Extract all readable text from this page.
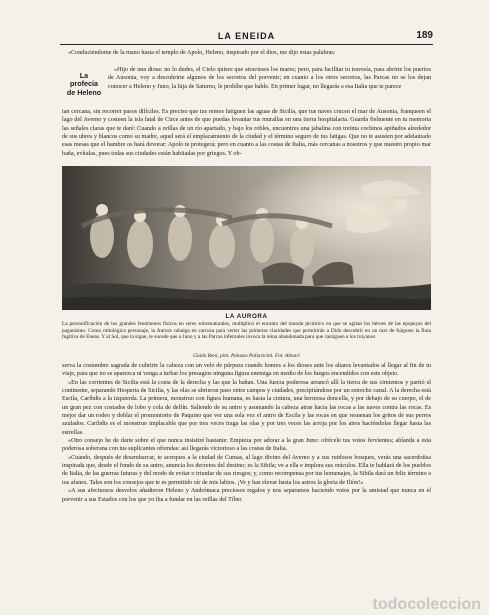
LA ENEIDA	189

«Conduciéndome de la mano hasta el templo de Apolo, Heleno, inspirado por el dios, me dijo estas palabras:

La
profecía
de Heleno

«Hijo de una diosa: no lo dudes, el Cielo quiere que atravieses los mares; pero, para facilitar tu travesía, para abrirte los puertos de Ausonia, voy a descubrirte algunos de los secretos del porvenir; en cuanto a los otros secretos, las Parcas no se los dejan conocer a Heleno y Juno, la hija de Saturno, le prohíbe que hable. En primer lugar, no llegarás a esa Italia que te parece

tan cercana, sin recorrer pasos difíciles. Es preciso que tus remos fatiguen las aguas de Sicilia, que tus naves crucen el mar de Ausonia, franqueen el lago del Averno y costeen la isla fatal de Circe antes de que puedas levantar tus murallas en una tierra hospitalaria. Guarda fielmente en tu memoria las señales claras que te daré: Cuando a orillas de un río apartado, y bajo los robles, encuentres una jabalina con treinta cochinos apiñados alrededor de sus ubres y blancos como su madre, aquel será el emplazamiento de la ciudad y el término seguro de tus fatigas. Que no te asusten por adelantado esas mesas que el hambre os hará devorar: Apolo te protegerá; pero en cuanto a las costas de Italia, más cercanas a nosotros y que nuestro propio mar baña, evítalas, pues todas sus ciudades están habitadas por griegos. Y ob-

LA AURORA
La personificación de los grandes fenómenos físicos en seres sobrenaturales, multiplicó el encanto del mundo pictórico en que se agitan los héroes de las epopeyas del paganismo. Como mitológica personaje, la Aurora cabalga en carroza para verter las primeras claridades que permitirán a Dido descubrir en un mar de fulgores la flota fugitiva de Eneas. Y al Sol, que la sigue, le sucede que a Juno y a las Parcas infernales invoca la reina abandonada para que castiguen a los troyanos.
Guido Reni, pint. Palazzo Pallavicini. Fot. Alinari

serva la costumbre sagrada de cubrirte la cabeza con un velo de púrpura cuando honres a los dioses ante los altares levantados al llegar al fin de tu viaje, para que no se aparezca ni venga a turbar los presagios ninguna figura enemiga en medio de los fuegos encendidos con este objeto.

«En las corrientes de Sicilia está la costa de la derecha y las que la bañan. Una fuerza poderosa arrancó allí la tierra de sus cimientos y partió el continente, separando Hesperia de Sicilia, y las olas se abrieron paso entre campos y ciudades, precipitándose por un estrecho canal. A la derecha está Escila, Caribdis a la izquierda. La primera, monstruo con figura humana, es hasta la cintura, una hermosa doncella, y por debajo de su cuerpo, el de un gran pez con costados de lobo y cola de delfín. Saliendo de su antro y asomando la cabeza atrae hacia las rocas a las naves contra las rocas. Es mejor dar un rodeo y doblar el promontorio de Paquino que ver una sola vez el antro de Escila y las rocas en que resuenan los gritos de sus perros azulados. Caribdis es el monstruo implacable que por tres veces traga las olas y por tres veces las arroja por los aires haciéndolas llegar hasta las estrellas.

«Otro consejo he de darte sobre el que nunca insistiré bastante: Empieza por adorar a la gran Juno: ofrécele tus votos fervientes; ablanda a esta poderosa soberana con tus suplicantes ofrendas: así llegarás victorioso a las costas de Italia.

«Cuando, después de desembarcar, te acerques a la ciudad de Cumas, al lago divino del Averno y a sus ruidosos bosques, verás una sacerdotisa inspirada que, desde el fondo de su antro, anuncia los decretos del destino; es la Sibila; ve a ella e implora sus oráculos. Ella te hablará de los pueblos de Italia, de las guerras futuras y del modo de evitar o triunfar de sus riesgos; y, como recompensa por tus homenajes, la Sibila dará un feliz término a tus afanes. Tales son los consejos que te es permitido oír de mis labios. ¡Ve y haz elevar hasta los astros la gloria de Ilión!»

«A sus afectuosos desvelos añadieron Heleno y Andrómaca preciosos regalos y nos separamos haciendo votos por la amistad que nunca en el porvenir a sus Estados con los que yo iba a fundar en las orillas del Tíber.

todocoleccion
